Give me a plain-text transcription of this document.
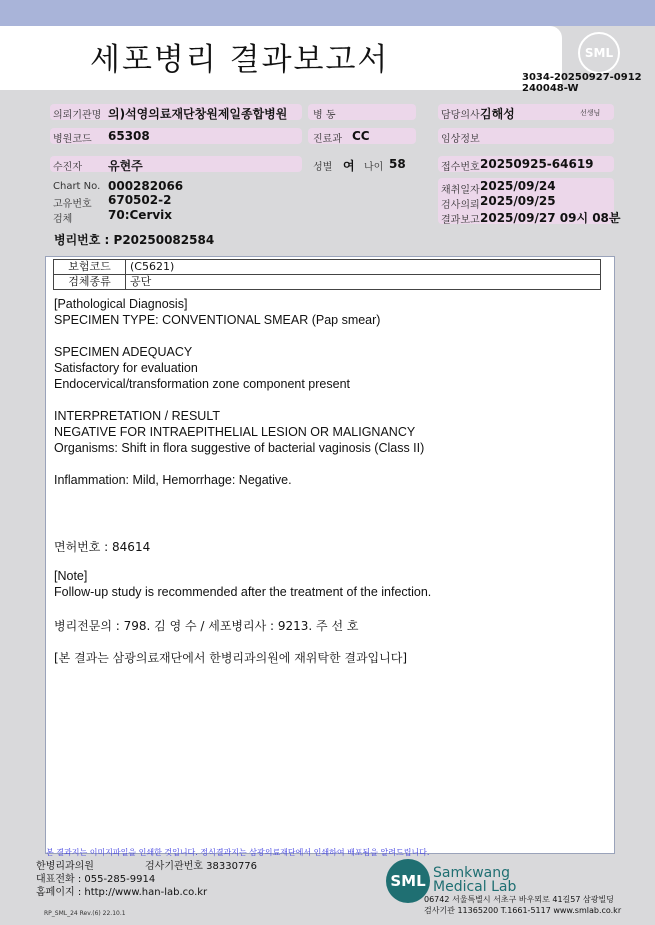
세포병리 결과보고서	SML
3034-20250927-0912
240048-W
의뢰기관명 의)석영의료재단창원제일종합병원	병 동	담당의사 김해성	선생님
병원코드 65308	진료과 CC	임상정보
수진자 유현주	성별 여 나이 58	접수번호 20250925-64619
Chart No. 000282066
고유번호 670502-2
검체	70:Cervix
채취일자 2025/09/24
검사의뢰 2025/09/25
결과보고 2025/09/27 09시 08분
병리번호 : P20250082584
보험코드	(C5621)
검체종류	공단
[Pathological Diagnosis]
SPECIMEN TYPE: CONVENTIONAL SMEAR (Pap smear)
SPECIMEN ADEQUACY
Satisfactory for evaluation
Endocervical/transformation zone component present
INTERPRETATION / RESULT
NEGATIVE FOR INTRAEPITHELIAL LESION OR MALIGNANCY
Organisms: Shift in flora suggestive of bacterial vaginosis (Class II)
Inflammation: Mild, Hemorrhage: Negative.
면허번호 : 84614
[Note]
Follow-up study is recommended after the treatment of the infection.
병리전문의 : 798. 김 영 수 / 세포병리사 : 9213. 주 선 호
[본 결과는 삼광의료재단에서 한병리과의원에 재위탁한 결과입니다]
본 결과지는 이미지파일을 인쇄한 것입니다. 정식결과지는 삼광의료재단에서 인쇄하여 배포됨을 알려드립니다.
한병리과의원	검사기관번호 38330776
대표전화 : 055-285-9914
홈페이지 : http://www.han-lab.co.kr
RP_SML_24 Rev.(6) 22.10.1
SML Samkwang
Medical Lab
06742 서울특별시 서초구 바우뫼로 41길57 삼광빌딩
검사기관 11365200 T.1661-5117 www.smlab.co.kr
